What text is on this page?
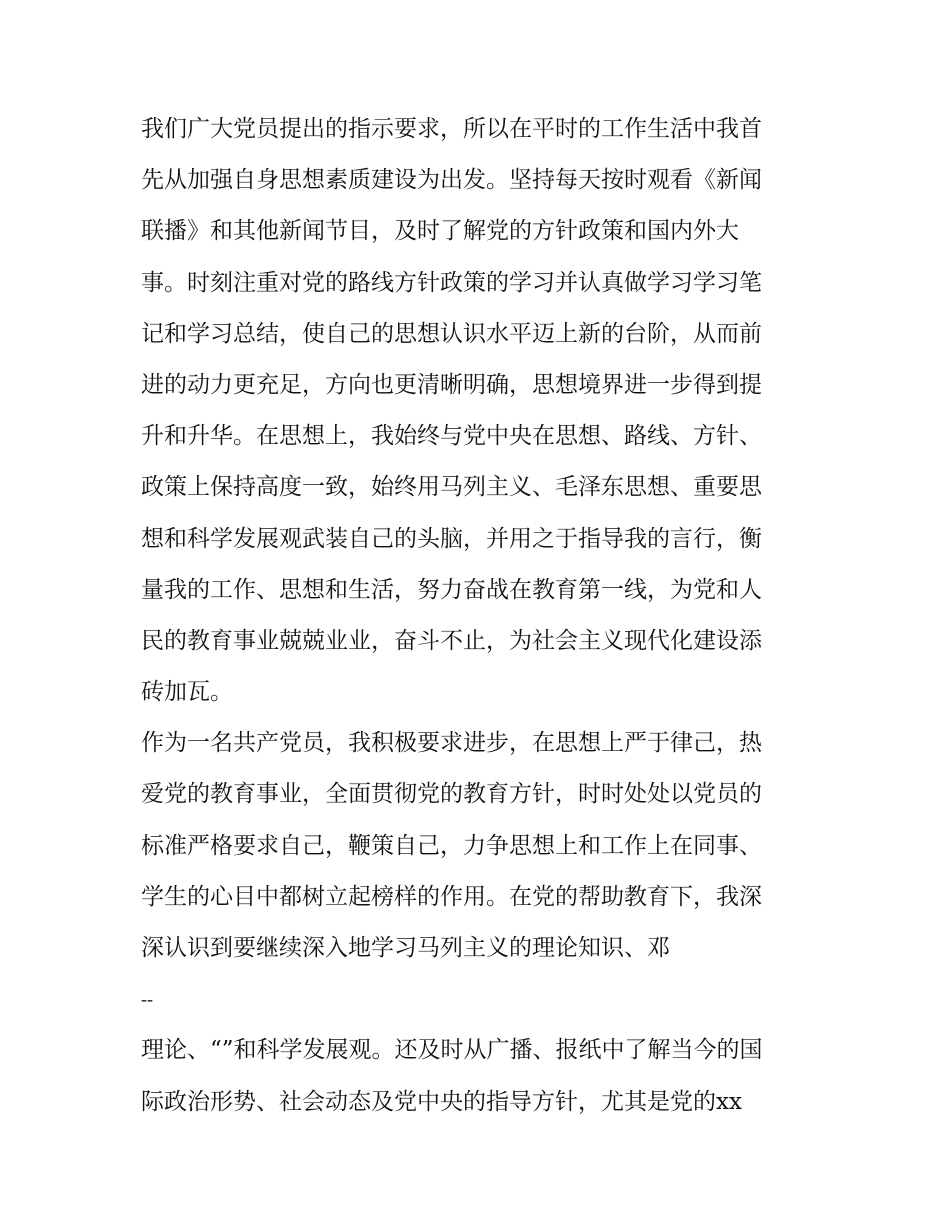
我们广大党员提出的指示要求，所以在平时的工作生活中我首
先从加强自身思想素质建设为出发。坚持每天按时观看《新闻
联播》和其他新闻节目，及时了解党的方针政策和国内外大
事。时刻注重对党的路线方针政策的学习并认真做学习学习笔
记和学习总结，使自己的思想认识水平迈上新的台阶，从而前
进的动力更充足，方向也更清晰明确，思想境界进一步得到提
升和升华。在思想上，我始终与党中央在思想、路线、方针、
政策上保持高度一致，始终用马列主义、毛泽东思想、重要思
想和科学发展观武装自己的头脑，并用之于指导我的言行，衡
量我的工作、思想和生活，努力奋战在教育第一线，为党和人
民的教育事业兢兢业业，奋斗不止，为社会主义现代化建设添
砖加瓦。
作为一名共产党员，我积极要求进步，在思想上严于律己，热
爱党的教育事业，全面贯彻党的教育方针，时时处处以党员的
标准严格要求自己，鞭策自己，力争思想上和工作上在同事、
学生的心目中都树立起榜样的作用。在党的帮助教育下，我深
深认识到要继续深入地学习马列主义的理论知识、邓
--
理论、“”和科学发展观。还及时从广播、报纸中了解当今的国
际政治形势、社会动态及党中央的指导方针，尤其是党的xx
